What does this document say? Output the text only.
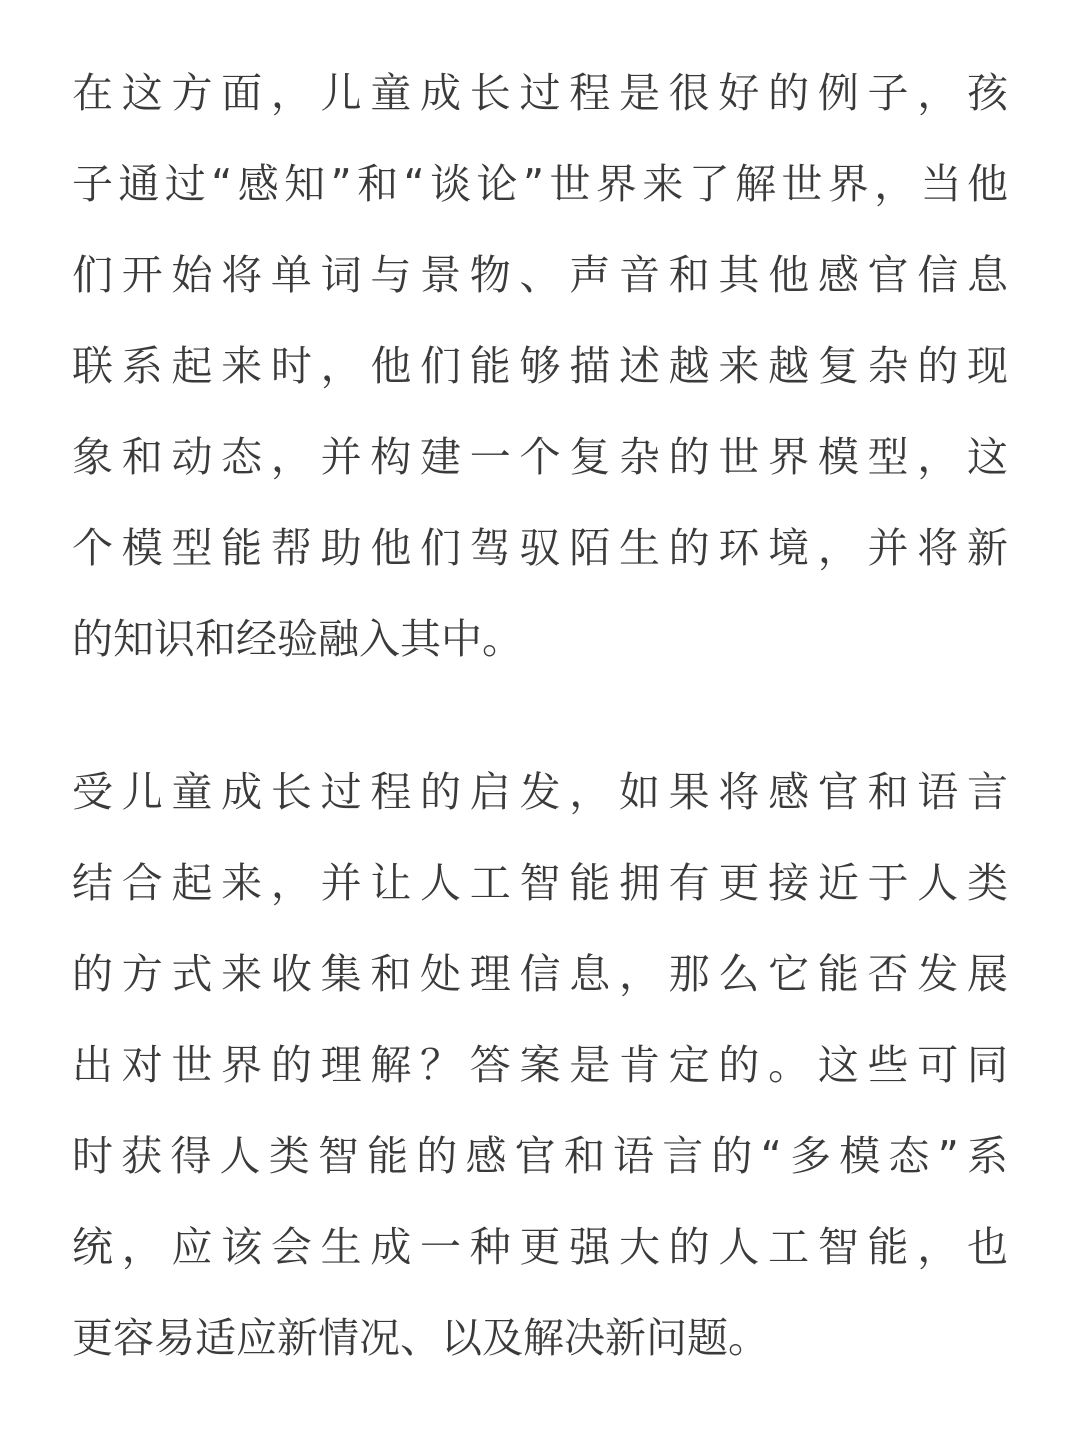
在这方面，儿童成长过程是很好的例子，孩
子通过“感知”和“谈论”世界来了解世界，当他
们开始将单词与景物、声音和其他感官信息
联系起来时，他们能够描述越来越复杂的现
象和动态，并构建一个复杂的世界模型，这
个模型能帮助他们驾驭陌生的环境，并将新
的知识和经验融入其中。

受儿童成长过程的启发，如果将感官和语言
结合起来，并让人工智能拥有更接近于人类
的方式来收集和处理信息，那么它能否发展
出对世界的理解？答案是肯定的。这些可同
时获得人类智能的感官和语言的“多模态”系
统，应该会生成一种更强大的人工智能，也
更容易适应新情况、以及解决新问题。
